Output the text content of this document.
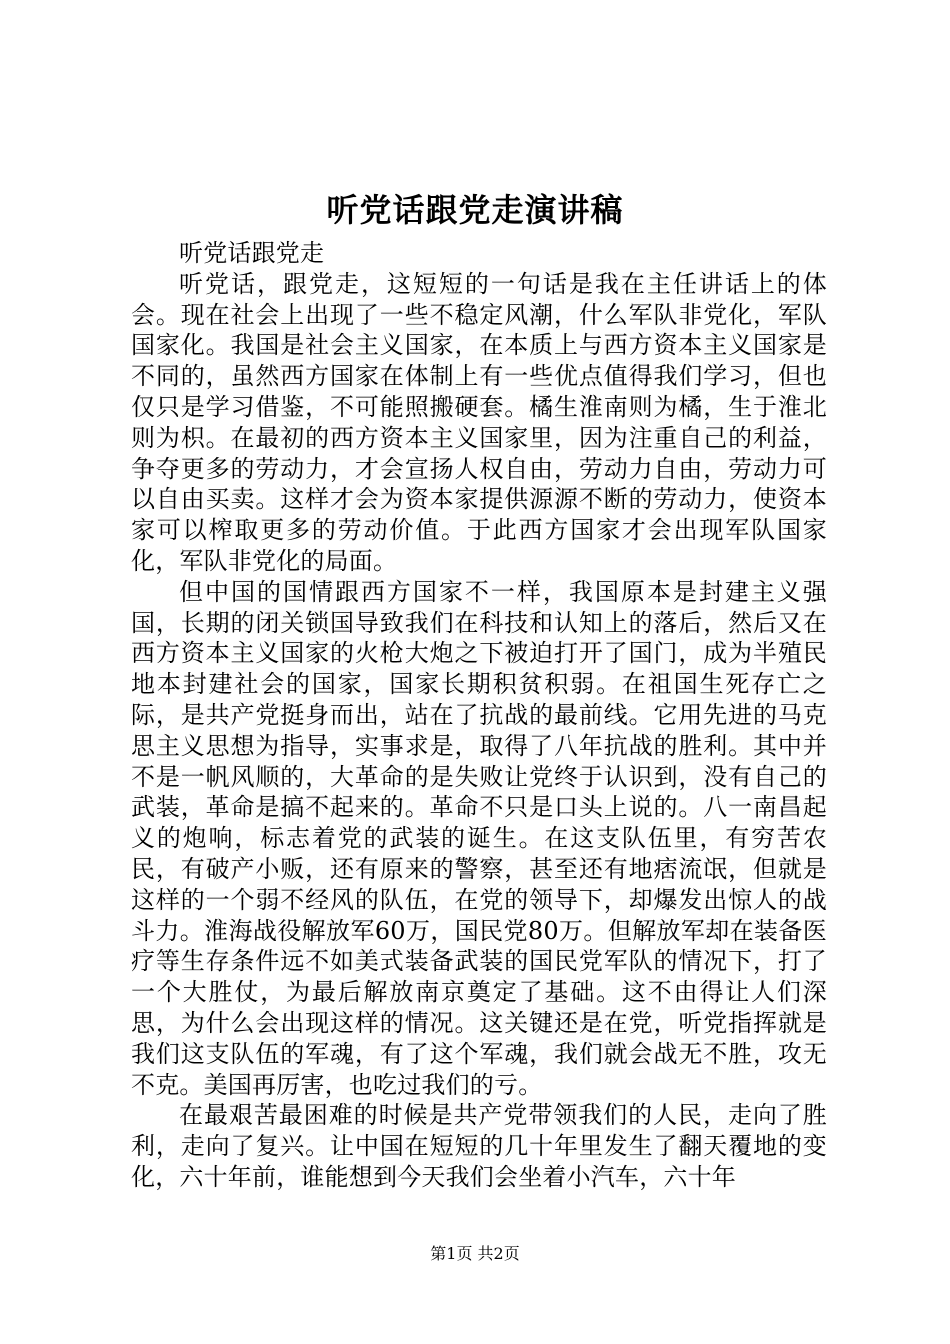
听党话跟党走演讲稿

听党话跟党走

听党话，跟党走，这短短的一句话是我在主任讲话上的体会。现在社会上出现了一些不稳定风潮，什么军队非党化，军队国家化。我国是社会主义国家，在本质上与西方资本主义国家是不同的，虽然西方国家在体制上有一些优点值得我们学习，但也仅只是学习借鉴，不可能照搬硬套。橘生淮南则为橘，生于淮北则为枳。在最初的西方资本主义国家里，因为注重自己的利益，争夺更多的劳动力，才会宣扬人权自由，劳动力自由，劳动力可以自由买卖。这样才会为资本家提供源源不断的劳动力，使资本家可以榨取更多的劳动价值。于此西方国家才会出现军队国家化，军队非党化的局面。

但中国的国情跟西方国家不一样，我国原本是封建主义强国，长期的闭关锁国导致我们在科技和认知上的落后，然后又在西方资本主义国家的火枪大炮之下被迫打开了国门，成为半殖民地本封建社会的国家，国家长期积贫积弱。在祖国生死存亡之际，是共产党挺身而出，站在了抗战的最前线。它用先进的马克思主义思想为指导，实事求是，取得了八年抗战的胜利。其中并不是一帆风顺的，大革命的是失败让党终于认识到，没有自己的武装，革命是搞不起来的。革命不只是口头上说的。八一南昌起义的炮响，标志着党的武装的诞生。在这支队伍里，有穷苦农民，有破产小贩，还有原来的警察，甚至还有地痞流氓，但就是这样的一个弱不经风的队伍，在党的领导下，却爆发出惊人的战斗力。淮海战役解放军60万，国民党80万。但解放军却在装备医疗等生存条件远不如美式装备武装的国民党军队的情况下，打了一个大胜仗，为最后解放南京奠定了基础。这不由得让人们深思，为什么会出现这样的情况。这关键还是在党，听党指挥就是我们这支队伍的军魂，有了这个军魂，我们就会战无不胜，攻无不克。美国再厉害，也吃过我们的亏。

在最艰苦最困难的时候是共产党带领我们的人民，走向了胜利，走向了复兴。让中国在短短的几十年里发生了翻天覆地的变化，六十年前，谁能想到今天我们会坐着小汽车，六十年

第1页 共2页
